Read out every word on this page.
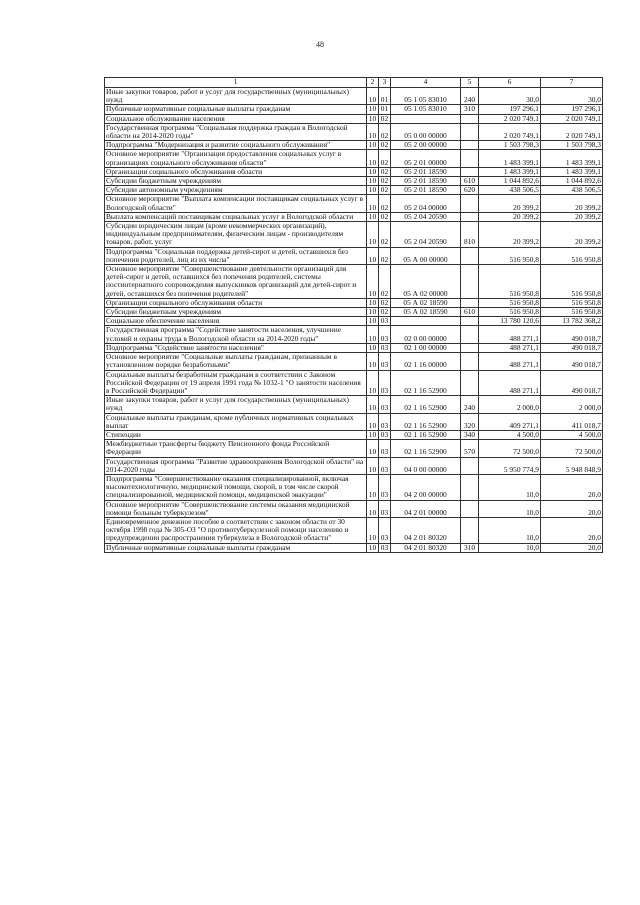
48
1	2	3	4	5	6	7
Иные закупки товаров, работ и услуг для государственных (муниципальных) нужд	10	01	05 1 05 83010	240	30,0	30,0
Публичные нормативные социальные выплаты гражданам	10	01	05 1 05 83010	310	197 296,1	197 296,1
Социальное обслуживание населения	10	02			2 020 749,1	2 020 749,1
Государственная программа "Социальная поддержка граждан в Вологодской области на 2014-2020 годы"	10	02	05 0 00 00000		2 020 749,1	2 020 749,1
Подпрограмма "Модернизация и развитие социального обслуживания"	10	02	05 2 00 00000		1 503 798,3	1 503 798,3
Основное мероприятие "Организация предоставления социальных услуг в организациях социального обслуживания области"	10	02	05 2 01 00000		1 483 399,1	1 483 399,1
Организации социального обслуживания области	10	02	05 2 01 18590		1 483 399,1	1 483 399,1
Субсидии бюджетным учреждениям	10	02	05 2 01 18590	610	1 044 892,6	1 044 892,6
Субсидии автономным учреждениям	10	02	05 2 01 18590	620	438 506,5	438 506,5
Основное мероприятие "Выплата компенсации поставщикам социальных услуг в Вологодской области"	10	02	05 2 04 00000		20 399,2	20 399,2
Выплата компенсаций поставщикам социальных услуг в Вологодской области	10	02	05 2 04 20590		20 399,2	20 399,2
Субсидии юридическим лицам (кроме некоммерческих организаций), индивидуальным предпринимателям, физическим лицам - производителям товаров, работ, услуг	10	02	05 2 04 20590	810	20 399,2	20 399,2
Подпрограмма "Социальная поддержка детей-сирот и детей, оставшихся без попечения родителей, лиц из их числа"	10	02	05 А 00 00000		516 950,8	516 950,8
Основное мероприятие "Совершенствование деятельности организаций для детей-сирот и детей, оставшихся без попечения родителей, системы постинтернатного сопровождения выпускников организаций для детей-сирот и детей, оставшихся без попечения родителей"	10	02	05 А 02 00000		516 950,8	516 950,8
Организации социального обслуживания области	10	02	05 А 02 18590		516 950,8	516 950,8
Субсидии бюджетным учреждениям	10	02	05 А 02 18590	610	516 950,8	516 950,8
Социальное обеспечение населения	10	03			13 780 120,6	13 782 368,2
Государственная программа "Содействие занятости населения, улучшение условий и охраны труда в Вологодской области на 2014-2020 годы"	10	03	02 0 00 00000		488 271,1	490 018,7
Подпрограмма "Содействие занятости населения"	10	03	02 1 00 00000		488 271,1	490 018,7
Основное мероприятие "Социальные выплаты гражданам, признанным в установленном порядке безработными"	10	03	02 1 16 00000		488 271,1	490 018,7
Социальные выплаты безработным гражданам в соответствии с Законом Российской Федерации от 19 апреля 1991 года № 1032-1 "О занятости населения в Российской Федерации"	10	03	02 1 16 52900		488 271,1	490 018,7
Иные закупки товаров, работ и услуг для государственных (муниципальных) нужд	10	03	02 1 16 52900	240	2 000,0	2 000,0
Социальные выплаты гражданам, кроме публичных нормативных социальных выплат	10	03	02 1 16 52900	320	409 271,1	411 018,7
Стипендии	10	03	02 1 16 52900	340	4 500,0	4 500,0
Межбюджетные трансферты бюджету Пенсионного фонда Российской Федерации	10	03	02 1 16 52900	570	72 500,0	72 500,0
Государственная программа "Развитие здравоохранения Вологодской области" на 2014-2020 годы	10	03	04 0 00 00000		5 950 774,9	5 948 848,9
Подпрограмма "Совершенствование оказания специализированной, включая высокотехнологичную, медицинской помощи, скорой, в том числе скорой специализированной, медицинской помощи, медицинской эвакуации"	10	03	04 2 00 00000		10,0	20,0
Основное мероприятие "Совершенствование системы оказания медицинской помощи больным туберкулезом"	10	03	04 2 01 00000		10,0	20,0
Единовременное денежное пособие в соответствии с законом области от 30 октября 1998 года № 305-ОЗ "О противотуберкулезной помощи населению и предупреждении распространения туберкулеза в Вологодской области"	10	03	04 2 01 80320		10,0	20,0
Публичные нормативные социальные выплаты гражданам	10	03	04 2 01 80320	310	10,0	20,0
